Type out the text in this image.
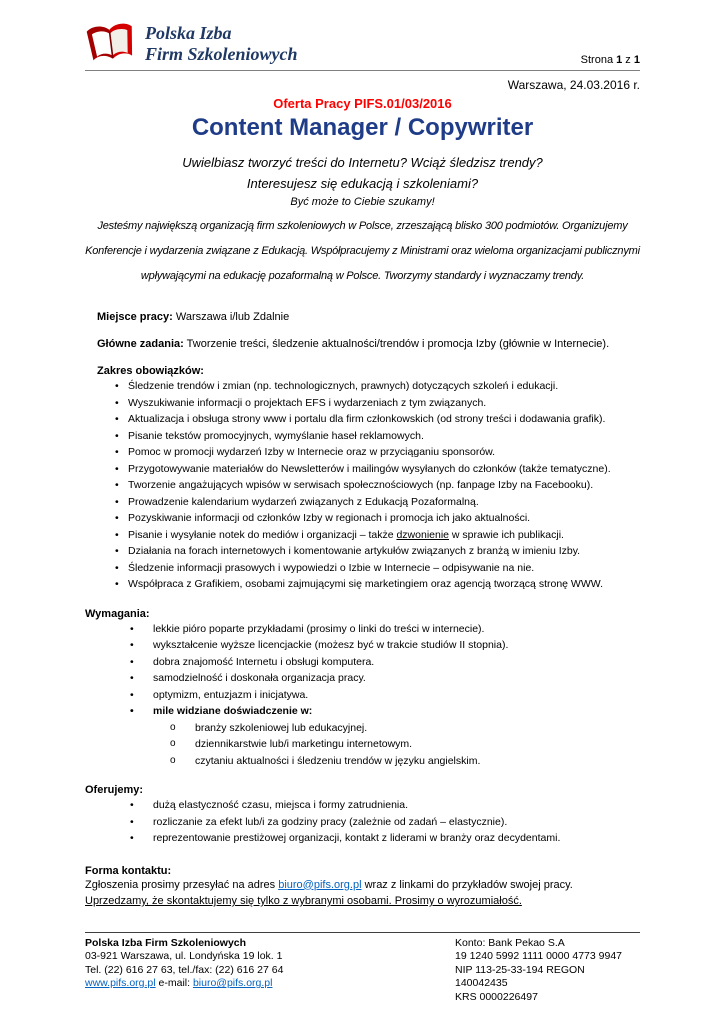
Polska Izba
Firm Szkoleniowych	Strona 1 z 1
Warszawa, 24.03.2016 r.
Oferta Pracy PIFS.01/03/2016
Content Manager / Copywriter

Uwielbiasz tworzyć treści do Internetu? Wciąż śledzisz trendy?

Interesujesz się edukacją i szkoleniami?

Być może to Ciebie szukamy!

Jesteśmy największą organizacją firm szkoleniowych w Polsce, zrzeszającą blisko 300 podmiotów. Organizujemy Konferencje i wydarzenia związane z Edukacją. Współpracujemy z Ministrami oraz wieloma organizacjami publicznymi wpływającymi na edukację pozaformalną w Polsce. Tworzymy standardy i wyznaczamy trendy.

Miejsce pracy: Warszawa i/lub Zdalnie

Główne zadania: Tworzenie treści, śledzenie aktualności/trendów i promocja Izby (głównie w Internecie).

Zakres obowiązków:
• Śledzenie trendów i zmian (np. technologicznych, prawnych) dotyczących szkoleń i edukacji.
• Wyszukiwanie informacji o projektach EFS i wydarzeniach z tym związanych.
• Aktualizacja i obsługa strony www i portalu dla firm członkowskich (od strony treści i dodawania grafik).
• Pisanie tekstów promocyjnych, wymyślanie haseł reklamowych.
• Pomoc w promocji wydarzeń Izby w Internecie oraz w przyciąganiu sponsorów.
• Przygotowywanie materiałów do Newsletterów i mailingów wysyłanych do członków (także tematyczne).
• Tworzenie angażujących wpisów w serwisach społecznościowych (np. fanpage Izby na Facebooku).
• Prowadzenie kalendarium wydarzeń związanych z Edukacją Pozaformalną.
• Pozyskiwanie informacji od członków Izby w regionach i promocja ich jako aktualności.
• Pisanie i wysyłanie notek do mediów i organizacji – także dzwonienie w sprawie ich publikacji.
• Działania na forach internetowych i komentowanie artykułów związanych z branżą w imieniu Izby.
• Śledzenie informacji prasowych i wypowiedzi o Izbie w Internecie – odpisywanie na nie.
• Współpraca z Grafikiem, osobami zajmującymi się marketingiem oraz agencją tworzącą stronę WWW.
Wymagania:
• lekkie pióro poparte przykładami (prosimy o linki do treści w internecie).
• wykształcenie wyższe licencjackie (możesz być w trakcie studiów II stopnia).
• dobra znajomość Internetu i obsługi komputera.
• samodzielność i doskonała organizacja pracy.
• optymizm, entuzjazm i inicjatywa.
• mile widziane doświadczenie w:
o branży szkoleniowej lub edukacyjnej.
o dziennikarstwie lub/i marketingu internetowym.
o czytaniu aktualności i śledzeniu trendów w języku angielskim.
Oferujemy:
• dużą elastyczność czasu, miejsca i formy zatrudnienia.
• rozliczanie za efekt lub/i za godziny pracy (zależnie od zadań – elastycznie).
• reprezentowanie prestiżowej organizacji, kontakt z liderami w branży oraz decydentami.
Forma kontaktu:

Zgłoszenia prosimy przesyłać na adres biuro@pifs.org.pl wraz z linkami do przykładów swojej pracy.

Uprzedzamy, że skontaktujemy się tylko z wybranymi osobami. Prosimy o wyrozumiałość.

Polska Izba Firm Szkoleniowych
03-921 Warszawa, ul. Londyńska 19 lok. 1
Tel. (22) 616 27 63, tel./fax: (22) 616 27 64
www.pifs.org.pl e-mail: biuro@pifs.org.pl
Konto: Bank Pekao S.A
19 1240 5992 1111 0000 4773 9947
NIP 113-25-33-194 REGON 140042435
KRS 0000226497
